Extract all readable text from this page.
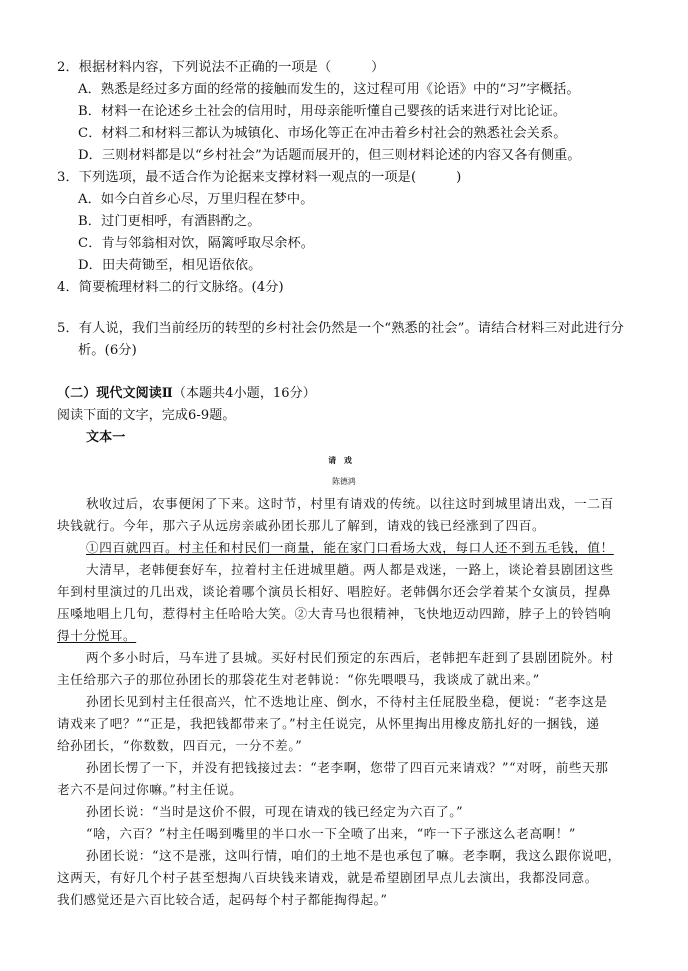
2．根据材料内容，下列说法不正确的一项是（　　　）
A．熟悉是经过多方面的经常的接触而发生的，这过程可用《论语》中的“习”字概括。
B．材料一在论述乡土社会的信用时，用母亲能听懂自己婴孩的话来进行对比论证。
C．材料二和材料三都认为城镇化、市场化等正在冲击着乡村社会的熟悉社会关系。
D．三则材料都是以“乡村社会”为话题而展开的，但三则材料论述的内容又各有侧重。
3．下列选项，最不适合作为论据来支撑材料一观点的一项是(　　　)
A．如今白首乡心尽，万里归程在梦中。
B．过门更相呼，有酒斟酌之。
C．肯与邻翁相对饮，隔篱呼取尽余杯。
D．田夫荷锄至，相见语依依。
4．简要梳理材料二的行文脉络。(4分)
5．有人说，我们当前经历的转型的乡村社会仍然是一个“熟悉的社会”。请结合材料三对此进行分
析。(6分)
（二）现代文阅读Ⅱ（本题共4小题，16分）
阅读下面的文字，完成6-9题。
文本一
请戏
陈德鸿
秋收过后，农事便闲了下来。这时节，村里有请戏的传统。以往这时到城里请出戏，一二百
块钱就行。今年，那六子从远房亲戚孙团长那儿了解到，请戏的钱已经涨到了四百。
①四百就四百。村主任和村民们一商量，能在家门口看场大戏，每口人还不到五毛钱，值！
大清早，老韩便套好车，拉着村主任进城里趟。两人都是戏迷，一路上，谈论着县剧团这些
年到村里演过的几出戏，谈论着哪个演员长相好、唱腔好。老韩偶尔还会学着某个女演员，捏鼻
压嗓地唱上几句，惹得村主任哈哈大笑。②大青马也很精神，飞快地迈动四蹄，脖子上的铃铛响
得十分悦耳。
两个多小时后，马车进了县城。买好村民们预定的东西后，老韩把车赶到了县剧团院外。村
主任给那六子的那位孙团长的那袋花生对老韩说：“你先喂喂马，我谈成了就出来。”
孙团长见到村主任很高兴，忙不迭地让座、倒水，不待村主任屁股坐稳，便说：“老李这是
请戏来了吧？”“正是，我把钱都带来了。”村主任说完，从怀里掏出用橡皮筋扎好的一捆钱，递
给孙团长，“你数数，四百元，一分不差。”
孙团长愣了一下，并没有把钱接过去：“老李啊，您带了四百元来请戏？”“对呀，前些天那
老六不是问过你嘛。”村主任说。
孙团长说：“当时是这价不假，可现在请戏的钱已经定为六百了。”
“啥，六百？”村主任喝到嘴里的半口水一下全喷了出来，“咋一下子涨这么老高啊！”
孙团长说：“这不是涨，这叫行情，咱们的土地不是也承包了嘛。老李啊，我这么跟你说吧，
这两天，有好几个村子甚至想掏八百块钱来请戏，就是希望剧团早点儿去演出，我都没同意。
我们感觉还是六百比较合适，起码每个村子都能掏得起。”
